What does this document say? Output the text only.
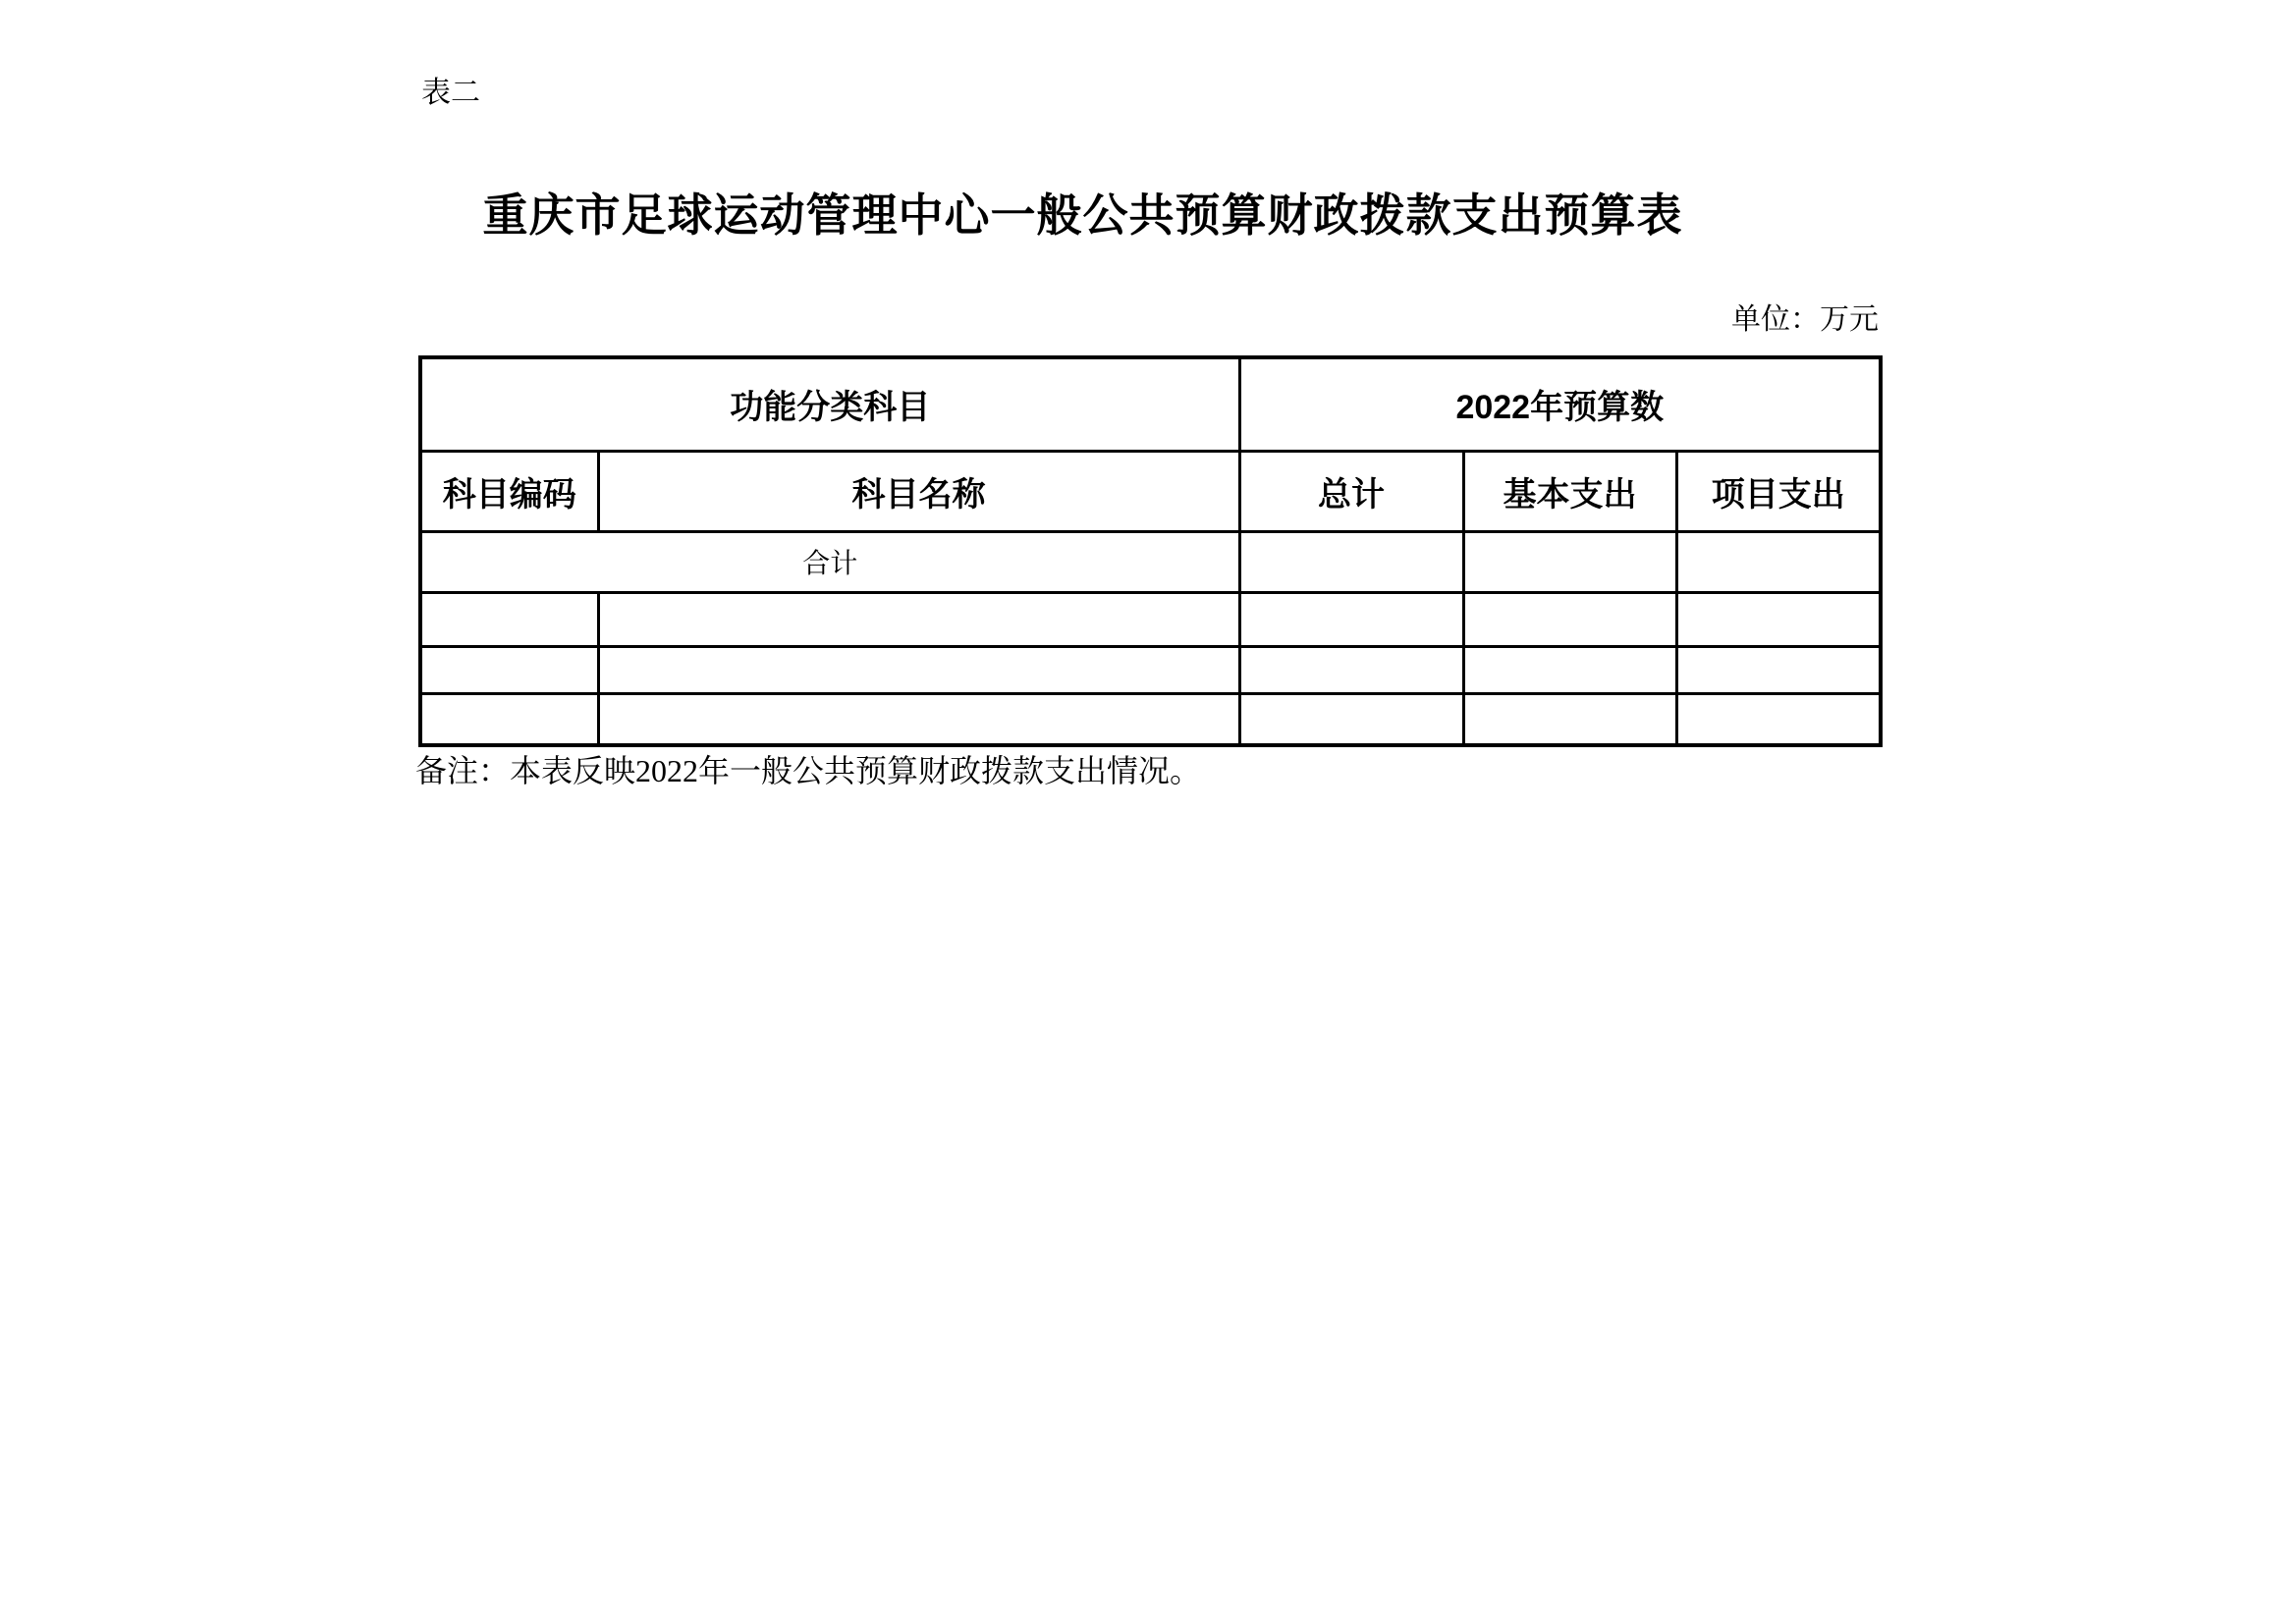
表二
重庆市足球运动管理中心一般公共预算财政拨款支出预算表
单位：万元
功能分类科目		2022年预算数		
科目编码	科目名称	总计	基本支出	项目支出
合计				

备注：本表反映2022年一般公共预算财政拨款支出情况。
